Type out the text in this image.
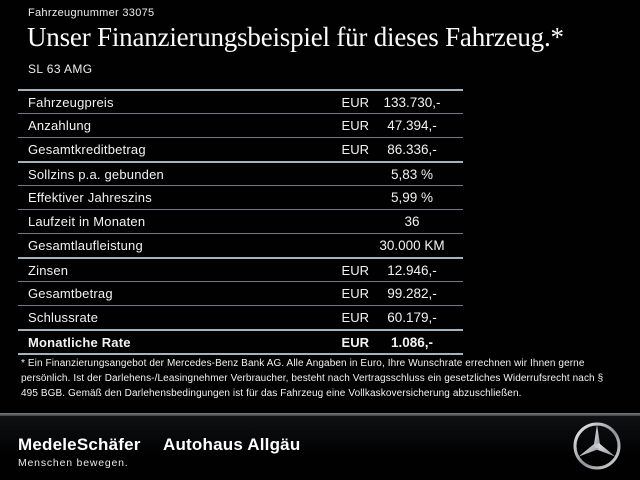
Fahrzeugnummer 33075
Unser Finanzierungsbeispiel für dieses Fahrzeug.*
SL 63 AMG
Fahrzeugpreis	EUR	133.730,-
Anzahlung	EUR	47.394,-
Gesamtkreditbetrag	EUR	86.336,-
Sollzins p.a. gebunden	5,83 %
Effektiver Jahreszins	5,99 %
Laufzeit in Monaten	36
Gesamtlaufleistung	30.000 KM
Zinsen	EUR	12.946,-
Gesamtbetrag	EUR	99.282,-
Schlussrate	EUR	60.179,-
Monatliche Rate	EUR	1.086,-

* Ein Finanzierungsangebot der Mercedes-Benz Bank AG. Alle Angaben in Euro, Ihre Wunschrate errechnen wir Ihnen gerne persönlich. Ist der Darlehens-/Leasingnehmer Verbraucher, besteht nach Vertragsschluss ein gesetzliches Widerrufsrecht nach § 495 BGB. Gemäß den Darlehensbedingungen ist für das Fahrzeug eine Vollkaskoversicherung abzuschließen.

MedeleSchäfer
Menschen bewegen.
Autohaus Allgäu
